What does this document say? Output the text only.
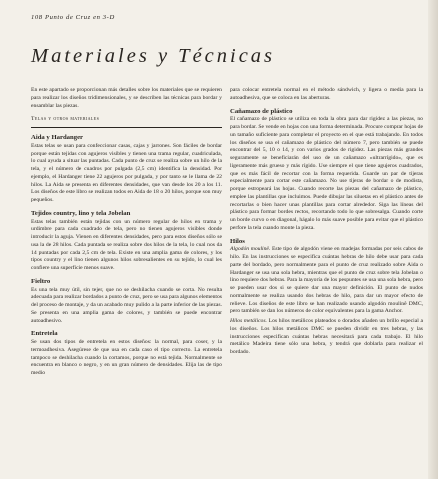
108 Punto de Cruz en 3-D
Materiales y Técnicas

En este apartado se proporcionan más detalles sobre los materiales que se requieren para realizar los diseños tridimensionales, y se describen las técnicas para bordar y ensamblar las piezas.

Telas y otros materiales

Aida y Hardanger

Estas telas se usan para confeccionar casas, cajas y jarrones. Son fáciles de bordar porque están tejidas con agujeros visibles y tienen una trama regular, cuadriculada, lo cual ayuda a situar las puntadas. Cada punto de cruz se realiza sobre un hilo de la tela, y el número de cuadros por pulgada (2,5 cm) identifica la densidad. Por ejemplo, el Hardanger tiene 22 agujeros por pulgada, y por tanto se le llama de 22 hilos. La Aida se presenta en diferentes densidades, que van desde los 20 a los 11. Los diseños de este libro se realizan todos en Aida de 18 o 20 hilos, porque son muy pequeños.

Tejidos country, lino y tela Jobelan

Estas telas también están tejidas con un número regular de hilos en trama y urdimbre para cada cuadrado de tela, pero no tienen agujeros visibles donde introducir la aguja. Vienen en diferentes densidades, pero para estos diseños sólo se usa la de 28 hilos. Cada puntada se realiza sobre dos hilos de la tela, lo cual nos da 14 puntadas por cada 2,5 cm de tela. Existe en una amplia gama de colores, y los tipos country y el lino tienen algunos hilos sobresalientes en su tejido, lo cual les confiere una superficie menos suave.

Fieltro

Es una tela muy útil, sin tejer, que no se deshilacha cuando se corta. No resulta adecuada para realizar bordados a punto de cruz, pero se usa para algunos elementos del proceso de montaje, y da un acabado muy pulido a la parte inferior de las piezas. Se presenta en una amplia gama de colores, y también se puede encontrar autoadhesivo.

Entretela

Se usan dos tipos de entretela en estos diseños: la normal, para coser, y la termoadhesiva. Asegúrese de que usa en cada caso el tipo correcto. La entretela tampoco se deshilacha cuando la cortamos, porque no está tejida. Normalmente se encuentra en blanco o negro, y en un gran número de densidades. Elija las de tipo medio

para colocar entretela normal en el método sándwich, y ligera o media para la autoadhesiva, que se coloca en las aberturas.

Cañamazo de plástico

El cañamazo de plástico se utiliza en toda la obra para dar rigidez a las piezas, no para bordar. Se vende en hojas con una forma determinada. Procure comprar hojas de un tamaño suficiente para completar el proyecto en el que está trabajando. En todos los diseños se usa el cañamazo de plástico del número 7, pero también se puede encontrar del 5, 10 o 14, y con varios grados de rigidez. Las piezas más grandes seguramente se beneficiarán del uso de un cañamazo «ultrarrígido», que es ligeramente más grueso y más rígido. Use siempre el que tiene agujeros cuadrados, que es más fácil de recortar con la forma requerida. Guarde un par de tijeras especialmente para cortar este cañamazo. No use tijeras de bordar o de modista, porque estropeará las hojas. Cuando recorte las piezas del cañamazo de plástico, emplee las plantillas que incluimos. Puede dibujar las siluetas en el plástico antes de recortarlas o bien hacer unas plantillas para cortar alrededor. Siga las líneas del plástico para formar bordes rectos, recortando todo lo que sobresalga. Cuando corte un borde curvo o en diagonal, hágalo lo más suave posible para evitar que el plástico perfore la tela cuando monte la pieza.

Hilos

Algodón moulinê. Este tipo de algodón viene en madejas formadas por seis cabos de hilo. En las instrucciones se especifica cuántas hebras de hilo debe usar para cada parte del bordado, pero normalmente para el punto de cruz realizado sobre Aida o Hardanger se usa una sola hebra, mientras que el punto de cruz sobre tela Jobelan o lino requiere dos hebras. Para la mayoría de los pespuntes se usa una sola hebra, pero se pueden usar dos si se quiere dar una mayor definición. El punto de nudos normalmente se realiza usando dos hebras de hilo, para dar un mayor efecto de relieve. Los diseños de este libro se han realizado usando algodón moulinê DMC, pero también se dan los números de color equivalentes para la gama Anchor.

Hilos metálicos. Los hilos metálicos plateados o dorados añaden un brillo especial a los diseños. Los hilos metálicos DMC se pueden dividir en tres hebras, y las instrucciones especifican cuántas hebras necesitará para cada trabajo. El hilo metálico Madeira tiene sólo una hebra, y tendrá que doblarla para realizar el bordado.
